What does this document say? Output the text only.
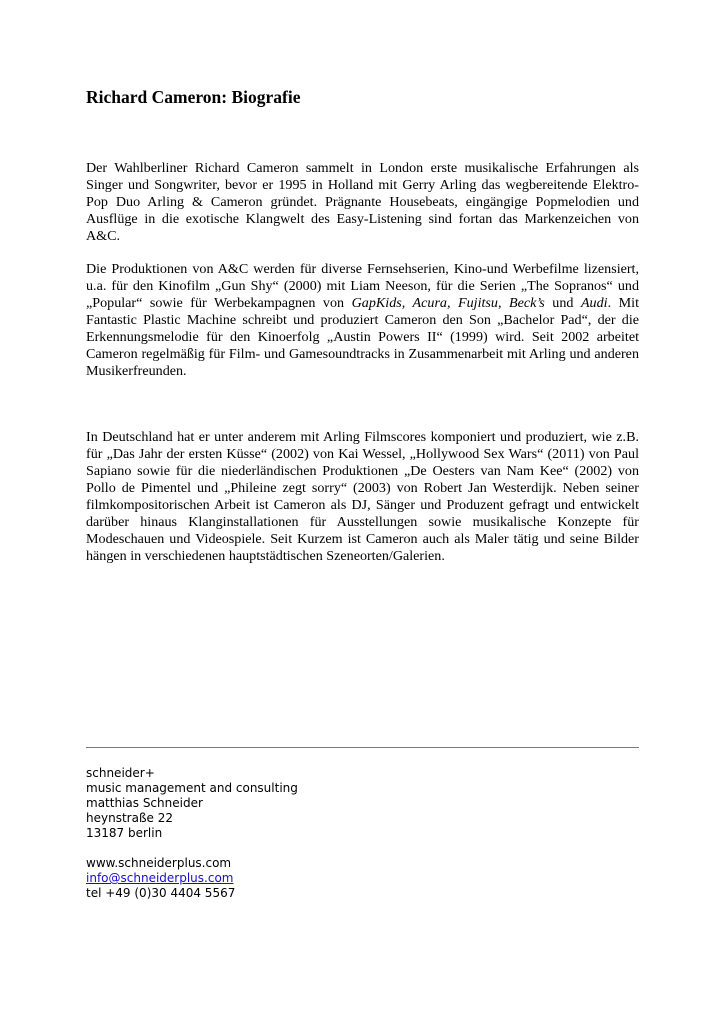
Richard Cameron: Biografie

Der Wahlberliner Richard Cameron sammelt in London erste musikalische Erfahrungen als Singer und Songwriter, bevor er 1995 in Holland mit Gerry Arling das wegbereitende Elektro-Pop Duo Arling & Cameron gründet. Prägnante Housebeats, eingängige Popmelodien und Ausflüge in die exotische Klangwelt des Easy-Listening sind fortan das Markenzeichen von A&C.

Die Produktionen von A&C werden für diverse Fernsehserien, Kino-und Werbefilme lizensiert, u.a. für den Kinofilm „Gun Shy“ (2000) mit Liam Neeson, für die Serien „The Sopranos“ und „Popular“ sowie für Werbekampagnen von GapKids, Acura, Fujitsu, Beck’s und Audi. Mit Fantastic Plastic Machine schreibt und produziert Cameron den Son „Bachelor Pad“, der die Erkennungsmelodie für den Kinoerfolg „Austin Powers II“ (1999) wird. Seit 2002 arbeitet Cameron regelmäßig für Film- und Gamesoundtracks in Zusammenarbeit mit Arling und anderen Musikerfreunden.

In Deutschland hat er unter anderem mit Arling Filmscores komponiert und produziert, wie z.B. für „Das Jahr der ersten Küsse“ (2002) von Kai Wessel, „Hollywood Sex Wars“ (2011) von Paul Sapiano sowie für die niederländischen Produktionen „De Oesters van Nam Kee“ (2002) von Pollo de Pimentel und „Phileine zegt sorry“ (2003) von Robert Jan Westerdijk. Neben seiner filmkompositorischen Arbeit ist Cameron als DJ, Sänger und Produzent gefragt und entwickelt darüber hinaus Klanginstallationen für Ausstellungen sowie musikalische Konzepte für Modeschauen und Videospiele. Seit Kurzem ist Cameron auch als Maler tätig und seine Bilder hängen in verschiedenen hauptstädtischen Szeneorten/Galerien.

schneider+
music management and consulting
matthias Schneider
heynstraße 22
13187 berlin
www.schneiderplus.com
info@schneiderplus.com
tel +49 (0)30 4404 5567
